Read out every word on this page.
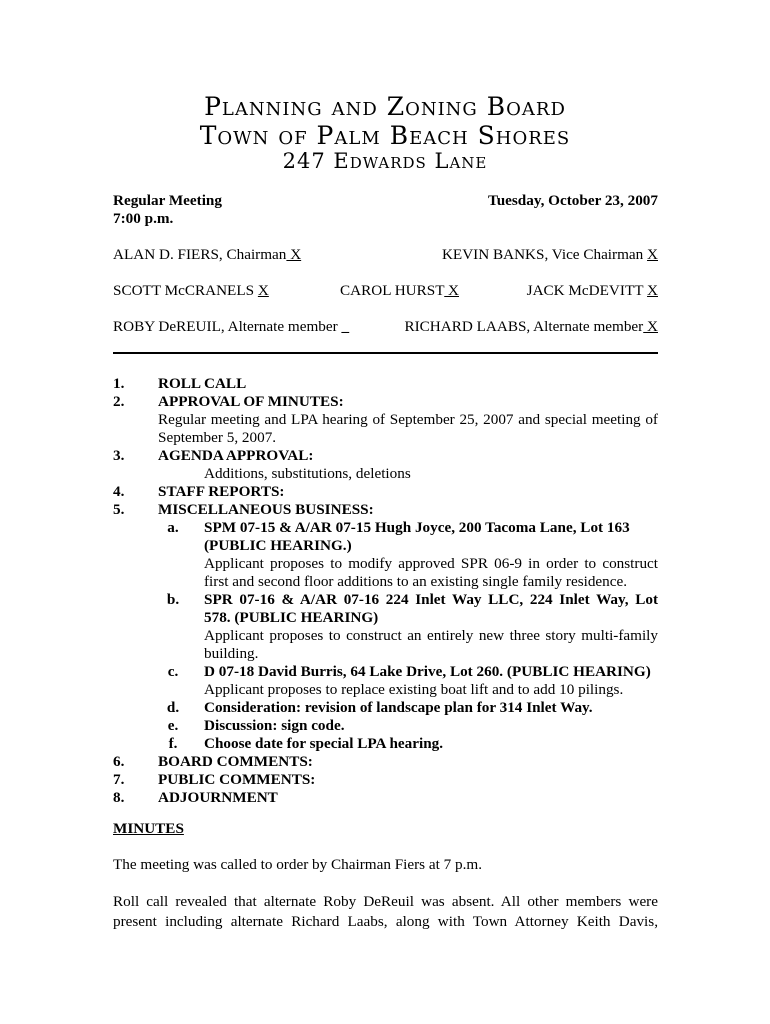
Planning and Zoning Board
Town of Palm Beach Shores
247 Edwards Lane
Regular Meeting
7:00 p.m.
Tuesday, October 23, 2007
ALAN D. FIERS, Chairman X	KEVIN BANKS, Vice Chairman X
SCOTT McCRANELS X	CAROL HURST X	JACK McDEVITT X
ROBY DeREUIL, Alternate member _	RICHARD LAABS, Alternate member X
1. ROLL CALL
2. APPROVAL OF MINUTES:
Regular meeting and LPA hearing of September 25, 2007 and special meeting of
September 5, 2007.
3. AGENDA APPROVAL:
Additions, substitutions, deletions
4. STAFF REPORTS:
5. MISCELLANEOUS BUSINESS:
a.	SPM 07-15 & A/AR 07-15 Hugh Joyce, 200 Tacoma Lane, Lot 163
(PUBLIC HEARING.)
Applicant proposes to modify approved SPR 06-9 in order to construct
first and second floor additions to an existing single family residence.
b.	SPR 07-16 & A/AR 07-16 224 Inlet Way LLC, 224 Inlet Way, Lot
578. (PUBLIC HEARING)
Applicant proposes to construct an entirely new three story multi-family
building.
c.	D 07-18 David Burris, 64 Lake Drive, Lot 260. (PUBLIC HEARING)
Applicant proposes to replace existing boat lift and to add 10 pilings.
d.	Consideration: revision of landscape plan for 314 Inlet Way.
e.	Discussion: sign code.
f.	Choose date for special LPA hearing.
6. BOARD COMMENTS:
7. PUBLIC COMMENTS:
8. ADJOURNMENT
MINUTES
The meeting was called to order by Chairman Fiers at 7 p.m.
Roll call revealed that alternate Roby DeReuil was absent. All other members were
present including alternate Richard Laabs, along with Town Attorney Keith Davis,
